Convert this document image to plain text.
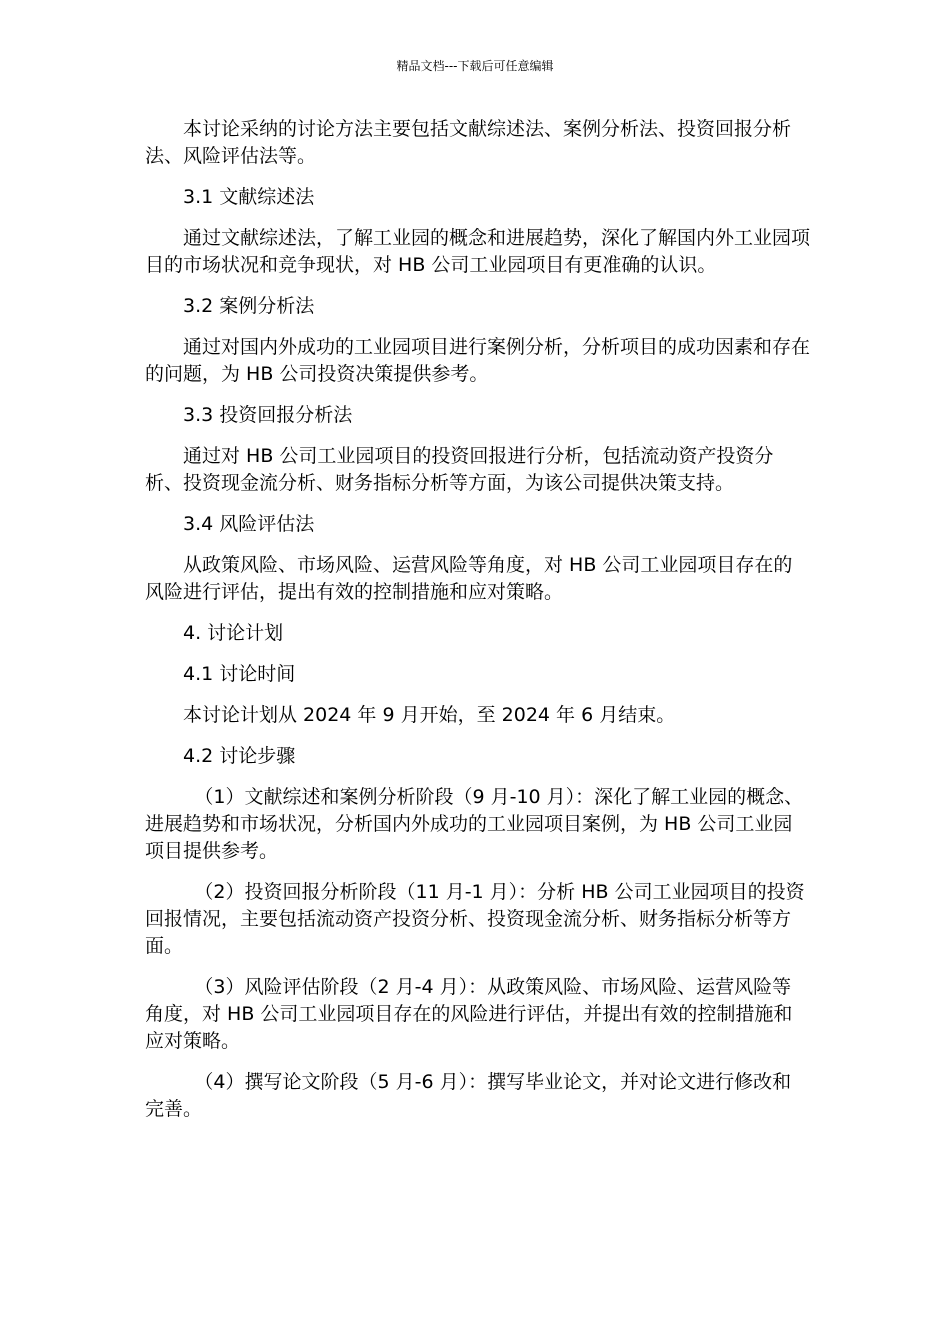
精品文档---下载后可任意编辑

本讨论采纳的讨论方法主要包括文献综述法、案例分析法、投资回报分析法、风险评估法等。

3.1 文献综述法

通过文献综述法，了解工业园的概念和进展趋势，深化了解国内外工业园项目的市场状况和竞争现状，对 HB 公司工业园项目有更准确的认识。

3.2 案例分析法

通过对国内外成功的工业园项目进行案例分析，分析项目的成功因素和存在的问题，为 HB 公司投资决策提供参考。

3.3 投资回报分析法

通过对 HB 公司工业园项目的投资回报进行分析，包括流动资产投资分析、投资现金流分析、财务指标分析等方面，为该公司提供决策支持。

3.4 风险评估法

从政策风险、市场风险、运营风险等角度，对 HB 公司工业园项目存在的风险进行评估，提出有效的控制措施和应对策略。

4. 讨论计划

4.1 讨论时间

本讨论计划从 2024 年 9 月开始，至 2024 年 6 月结束。

4.2 讨论步骤

（1）文献综述和案例分析阶段（9 月-10 月）：深化了解工业园的概念、进展趋势和市场状况，分析国内外成功的工业园项目案例，为 HB 公司工业园项目提供参考。

（2）投资回报分析阶段（11 月-1 月）：分析 HB 公司工业园项目的投资回报情况，主要包括流动资产投资分析、投资现金流分析、财务指标分析等方面。

（3）风险评估阶段（2 月-4 月）：从政策风险、市场风险、运营风险等角度，对 HB 公司工业园项目存在的风险进行评估，并提出有效的控制措施和应对策略。

（4）撰写论文阶段（5 月-6 月）：撰写毕业论文，并对论文进行修改和完善。
